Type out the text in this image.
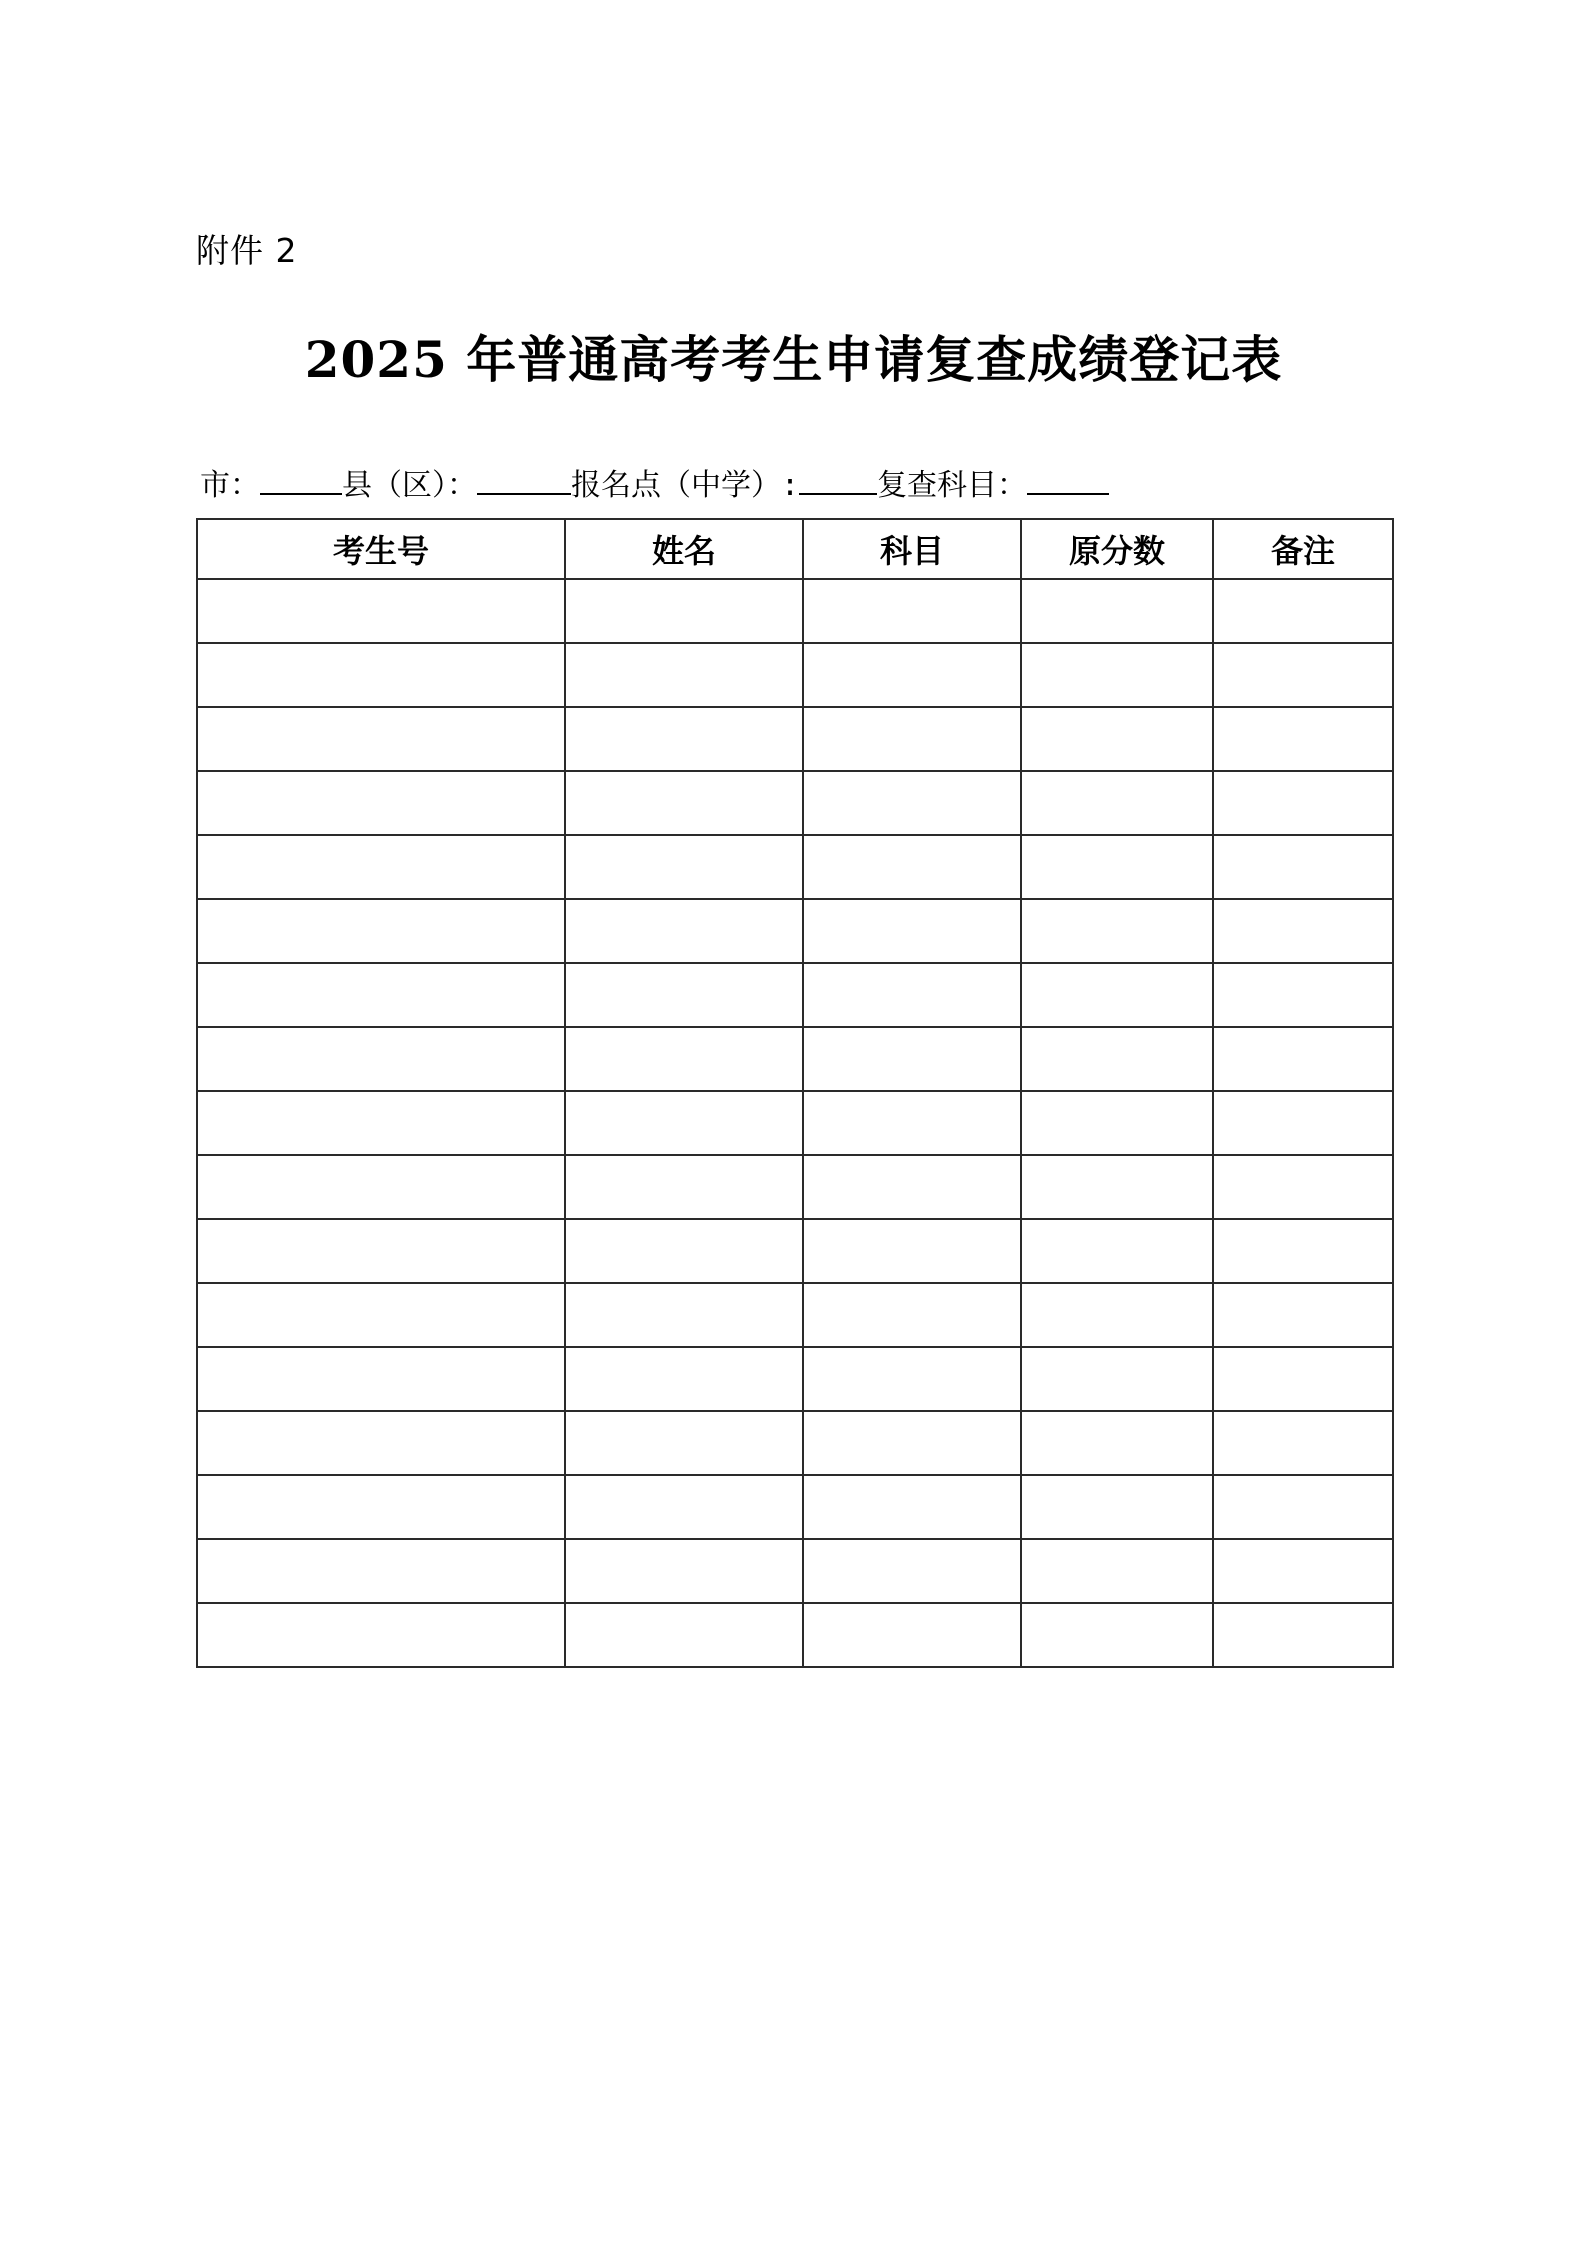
附件 2
2025 年普通高考考生申请复查成绩登记表
市：	县（区）：	报名点（中学）:	复查科目：
考生号	姓名	科目	原分数	备注
